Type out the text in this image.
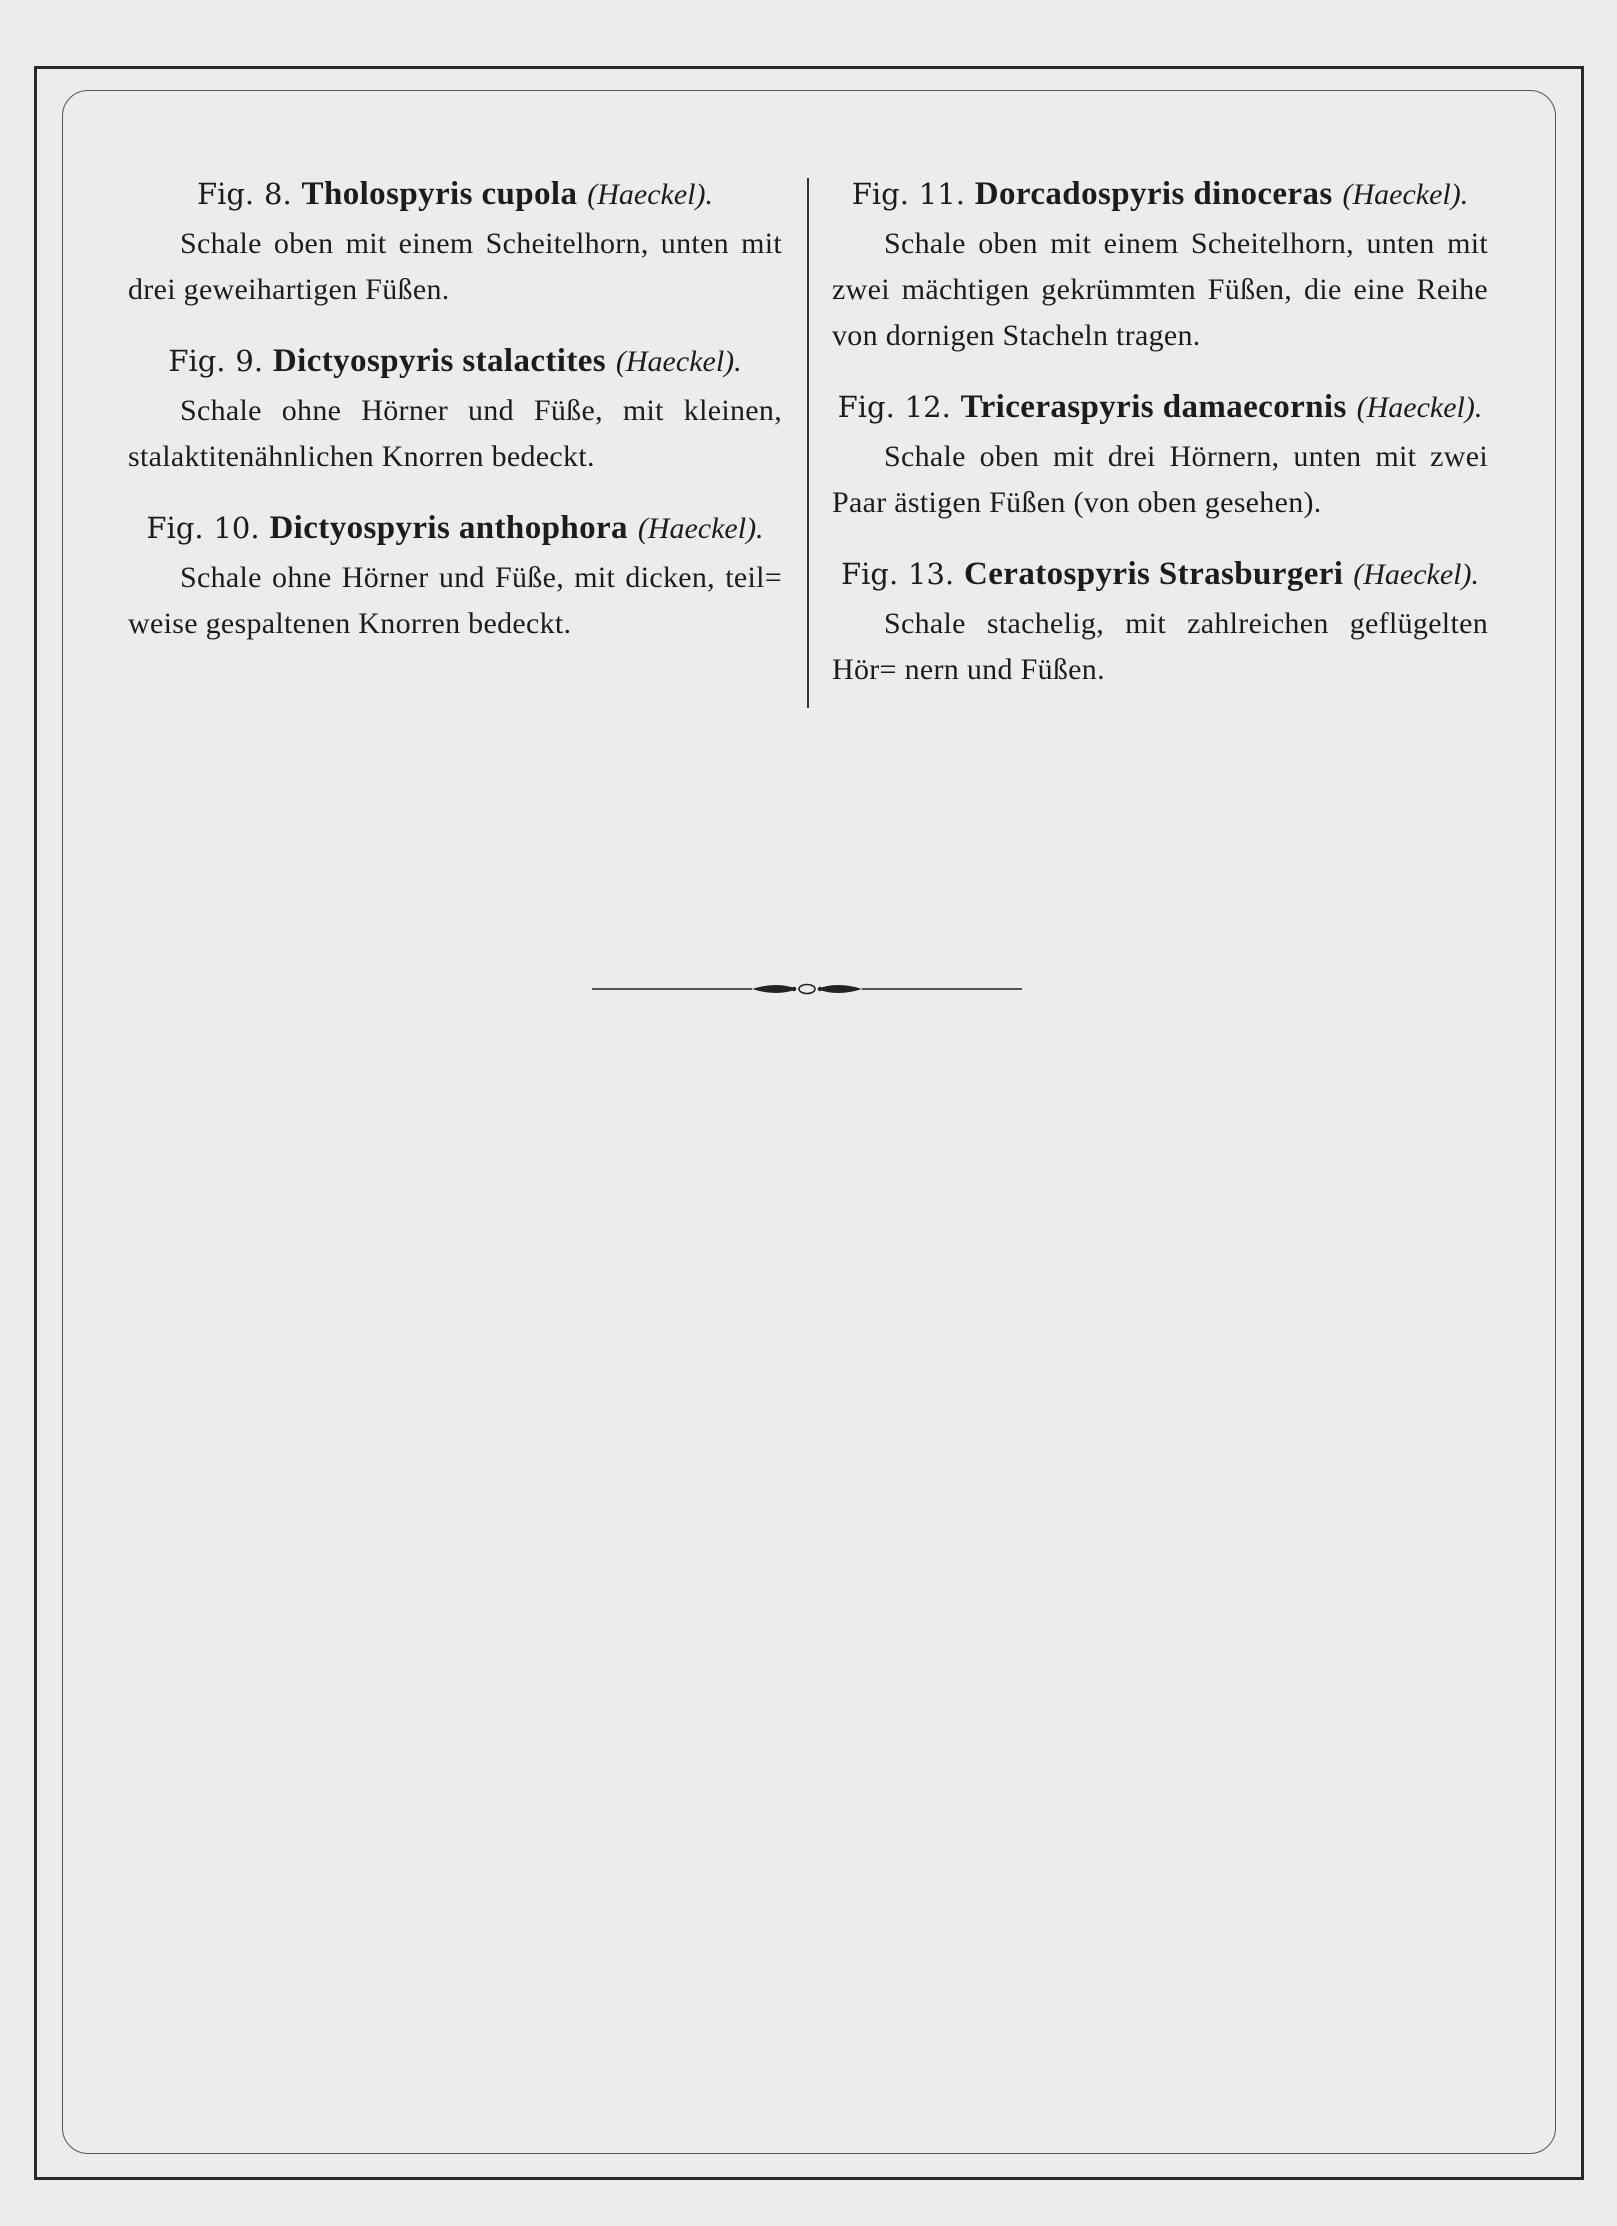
Fig. 8. Tholospyris cupola (Haeckel).

Schale oben mit einem Scheitelhorn, unten mit drei geweihartigen Füßen.

Fig. 9. Dictyospyris stalactites (Haeckel).

Schale ohne Hörner und Füße, mit kleinen, stalaktitenähnlichen Knorren bedeckt.

Fig. 10. Dictyospyris anthophora (Haeckel).

Schale ohne Hörner und Füße, mit dicken, teil= weise gespaltenen Knorren bedeckt.

Fig. 11. Dorcadospyris dinoceras (Haeckel).

Schale oben mit einem Scheitelhorn, unten mit zwei mächtigen gekrümmten Füßen, die eine Reihe von dornigen Stacheln tragen.

Fig. 12. Triceraspyris damaecornis (Haeckel).

Schale oben mit drei Hörnern, unten mit zwei Paar ästigen Füßen (von oben gesehen).

Fig. 13. Ceratospyris Strasburgeri (Haeckel).

Schale stachelig, mit zahlreichen geflügelten Hör= nern und Füßen.
